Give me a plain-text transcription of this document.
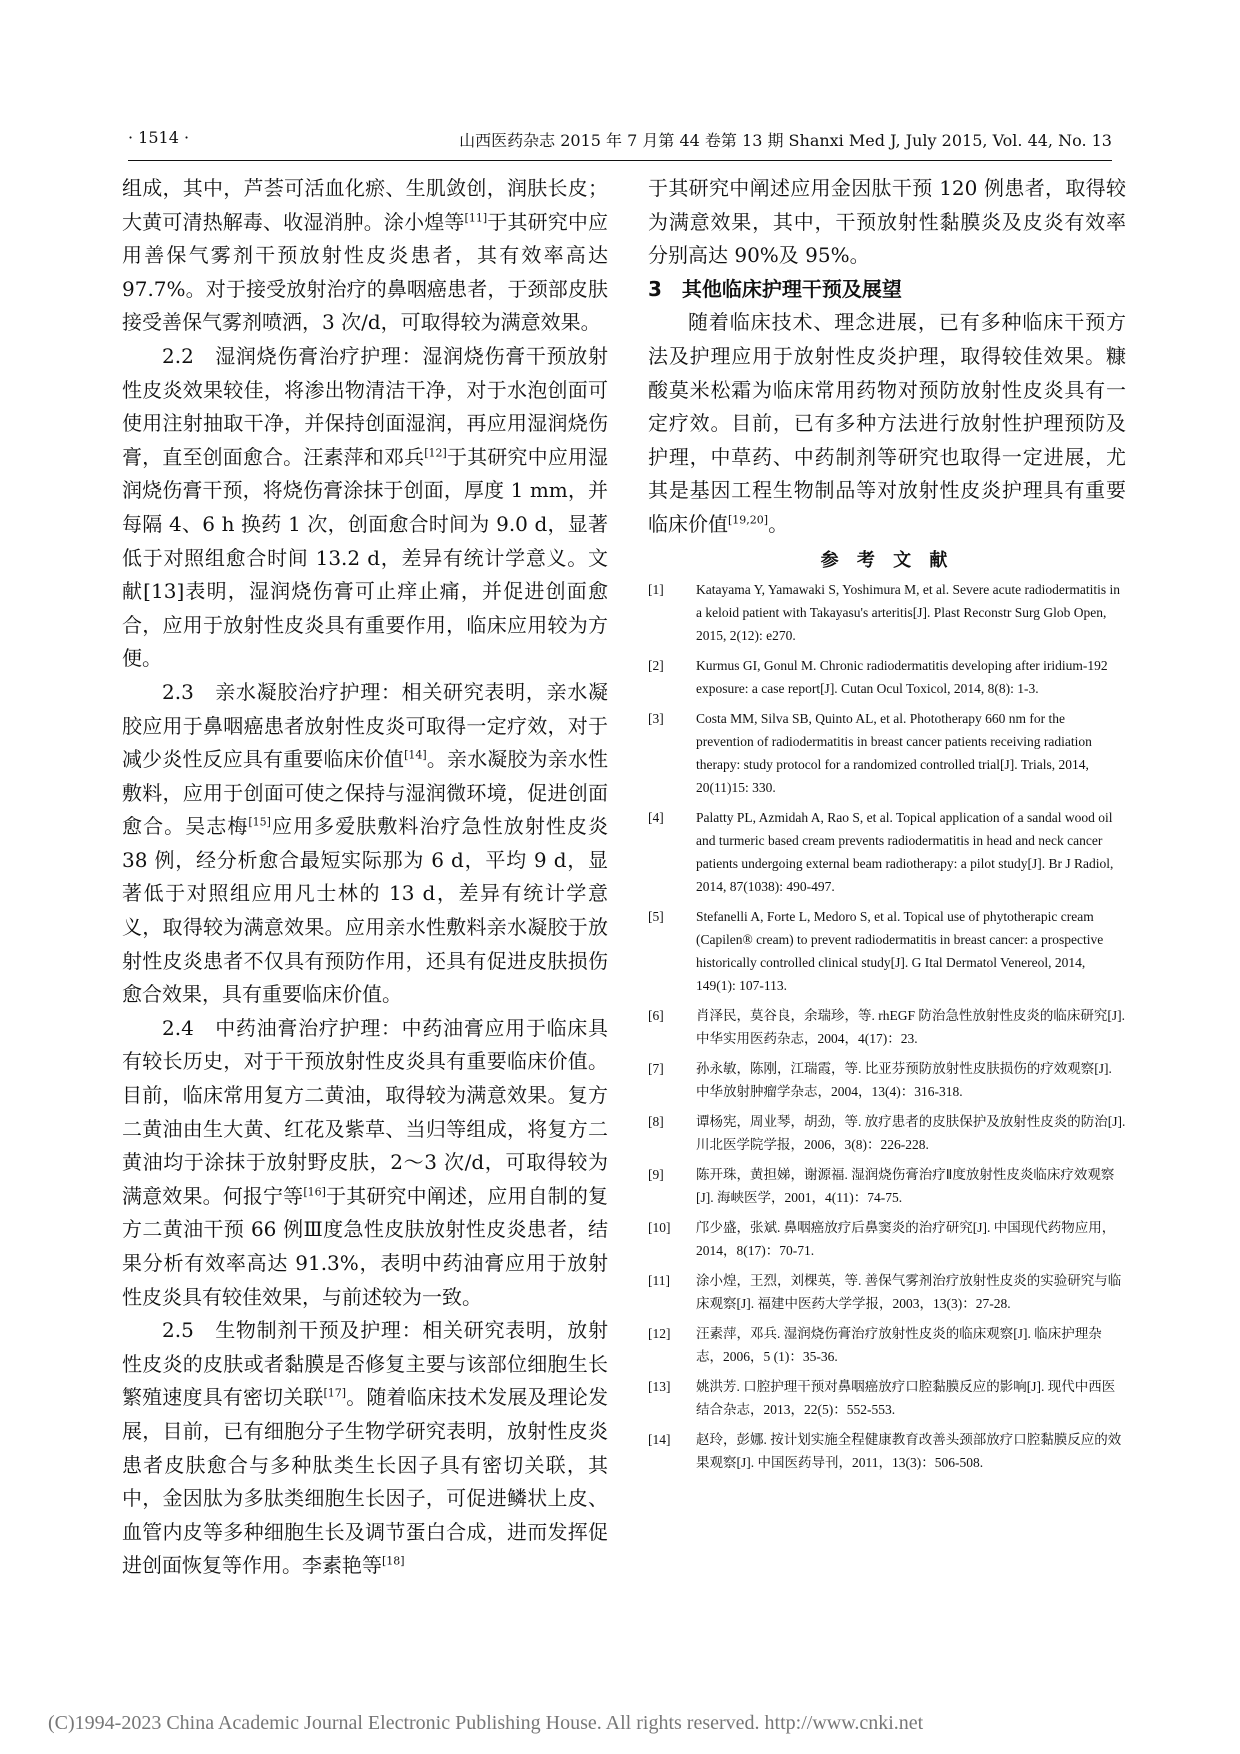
· 1514 ·	山西医药杂志 2015 年 7 月第 44 卷第 13 期 Shanxi Med J, July 2015, Vol. 44, No. 13

组成，其中，芦荟可活血化瘀、生肌敛创，润肤长皮；大黄可清热解毒、收湿消肿。涂小煌等[11]于其研究中应用善保气雾剂干预放射性皮炎患者，其有效率高达 97.7%。对于接受放射治疗的鼻咽癌患者，于颈部皮肤接受善保气雾剂喷洒，3 次/d，可取得较为满意效果。

2.2　湿润烧伤膏治疗护理：湿润烧伤膏干预放射性皮炎效果较佳，将渗出物清洁干净，对于水泡创面可使用注射抽取干净，并保持创面湿润，再应用湿润烧伤膏，直至创面愈合。汪素萍和邓兵[12]于其研究中应用湿润烧伤膏干预，将烧伤膏涂抹于创面，厚度 1 mm，并每隔 4、6 h 换药 1 次，创面愈合时间为 9.0 d，显著低于对照组愈合时间 13.2 d，差异有统计学意义。文献[13]表明，湿润烧伤膏可止痒止痛，并促进创面愈合，应用于放射性皮炎具有重要作用，临床应用较为方便。

2.3　亲水凝胶治疗护理：相关研究表明，亲水凝胶应用于鼻咽癌患者放射性皮炎可取得一定疗效，对于减少炎性反应具有重要临床价值[14]。亲水凝胶为亲水性敷料，应用于创面可使之保持与湿润微环境，促进创面愈合。吴志梅[15]应用多爱肤敷料治疗急性放射性皮炎 38 例，经分析愈合最短实际那为 6 d，平均 9 d，显著低于对照组应用凡士林的 13 d，差异有统计学意义，取得较为满意效果。应用亲水性敷料亲水凝胶于放射性皮炎患者不仅具有预防作用，还具有促进皮肤损伤愈合效果，具有重要临床价值。

2.4　中药油膏治疗护理：中药油膏应用于临床具有较长历史，对于干预放射性皮炎具有重要临床价值。目前，临床常用复方二黄油，取得较为满意效果。复方二黄油由生大黄、红花及紫草、当归等组成，将复方二黄油均于涂抹于放射野皮肤，2～3 次/d，可取得较为满意效果。何报宁等[16]于其研究中阐述，应用自制的复方二黄油干预 66 例Ⅲ度急性皮肤放射性皮炎患者，结果分析有效率高达 91.3%，表明中药油膏应用于放射性皮炎具有较佳效果，与前述较为一致。

2.5　生物制剂干预及护理：相关研究表明，放射性皮炎的皮肤或者黏膜是否修复主要与该部位细胞生长繁殖速度具有密切关联[17]。随着临床技术发展及理论发展，目前，已有细胞分子生物学研究表明，放射性皮炎患者皮肤愈合与多种肽类生长因子具有密切关联，其中，金因肽为多肽类细胞生长因子，可促进鳞状上皮、血管内皮等多种细胞生长及调节蛋白合成，进而发挥促进创面恢复等作用。李素艳等[18]

于其研究中阐述应用金因肽干预 120 例患者，取得较为满意效果，其中，干预放射性黏膜炎及皮炎有效率分别高达 90%及 95%。

3　其他临床护理干预及展望

随着临床技术、理念进展，已有多种临床干预方法及护理应用于放射性皮炎护理，取得较佳效果。糠酸莫米松霜为临床常用药物对预防放射性皮炎具有一定疗效。目前，已有多种方法进行放射性护理预防及护理，中草药、中药制剂等研究也取得一定进展，尤其是基因工程生物制品等对放射性皮炎护理具有重要临床价值[19,20]。

参 考 文 献
[1]	Katayama Y, Yamawaki S, Yoshimura M, et al. Severe acute radiodermatitis in a keloid patient with Takayasu's arteritis[J]. Plast Reconstr Surg Glob Open, 2015, 2(12): e270.
[2]	Kurmus GI, Gonul M. Chronic radiodermatitis developing after iridium-192 exposure: a case report[J]. Cutan Ocul Toxicol, 2014, 8(8): 1-3.
[3]	Costa MM, Silva SB, Quinto AL, et al. Phototherapy 660 nm for the prevention of radiodermatitis in breast cancer patients receiving radiation therapy: study protocol for a randomized controlled trial[J]. Trials, 2014, 20(11)15: 330.
[4]	Palatty PL, Azmidah A, Rao S, et al. Topical application of a sandal wood oil and turmeric based cream prevents radiodermatitis in head and neck cancer patients undergoing external beam radiotherapy: a pilot study[J]. Br J Radiol, 2014, 87(1038): 490-497.
[5]	Stefanelli A, Forte L, Medoro S, et al. Topical use of phytotherapic cream (Capilen® cream) to prevent radiodermatitis in breast cancer: a prospective historically controlled clinical study[J]. G Ital Dermatol Venereol, 2014, 149(1): 107-113.
[6]	肖泽民，莫谷良，余瑞珍，等. rhEGF 防治急性放射性皮炎的临床研究[J]. 中华实用医药杂志，2004，4(17)：23.
[7]	孙永敏，陈刚，江瑞霞，等. 比亚芬预防放射性皮肤损伤的疗效观察[J]. 中华放射肿瘤学杂志，2004，13(4)：316-318.
[8]	谭杨宪，周业琴，胡劲，等. 放疗患者的皮肤保护及放射性皮炎的防治[J]. 川北医学院学报，2006，3(8)：226-228.
[9]	陈开珠，黄担娣，谢源福. 湿润烧伤膏治疗Ⅱ度放射性皮炎临床疗效观察[J]. 海峡医学，2001，4(11)：74-75.
[10]	邝少盛，张斌. 鼻咽癌放疗后鼻窦炎的治疗研究[J]. 中国现代药物应用，2014，8(17)：70-71.
[11]	涂小煌，王烈，刘棵英，等. 善保气雾剂治疗放射性皮炎的实验研究与临床观察[J]. 福建中医药大学学报，2003，13(3)：27-28.
[12]	汪素萍，邓兵. 湿润烧伤膏治疗放射性皮炎的临床观察[J]. 临床护理杂志，2006，5 (1)：35-36.
[13]	姚洪芳. 口腔护理干预对鼻咽癌放疗口腔黏膜反应的影响[J]. 现代中西医结合杂志，2013，22(5)：552-553.
[14]	赵玲，彭娜. 按计划实施全程健康教育改善头颈部放疗口腔黏膜反应的效果观察[J]. 中国医药导刊，2011，13(3)：506-508.
(C)1994-2023 China Academic Journal Electronic Publishing House. All rights reserved. http://www.cnki.net
